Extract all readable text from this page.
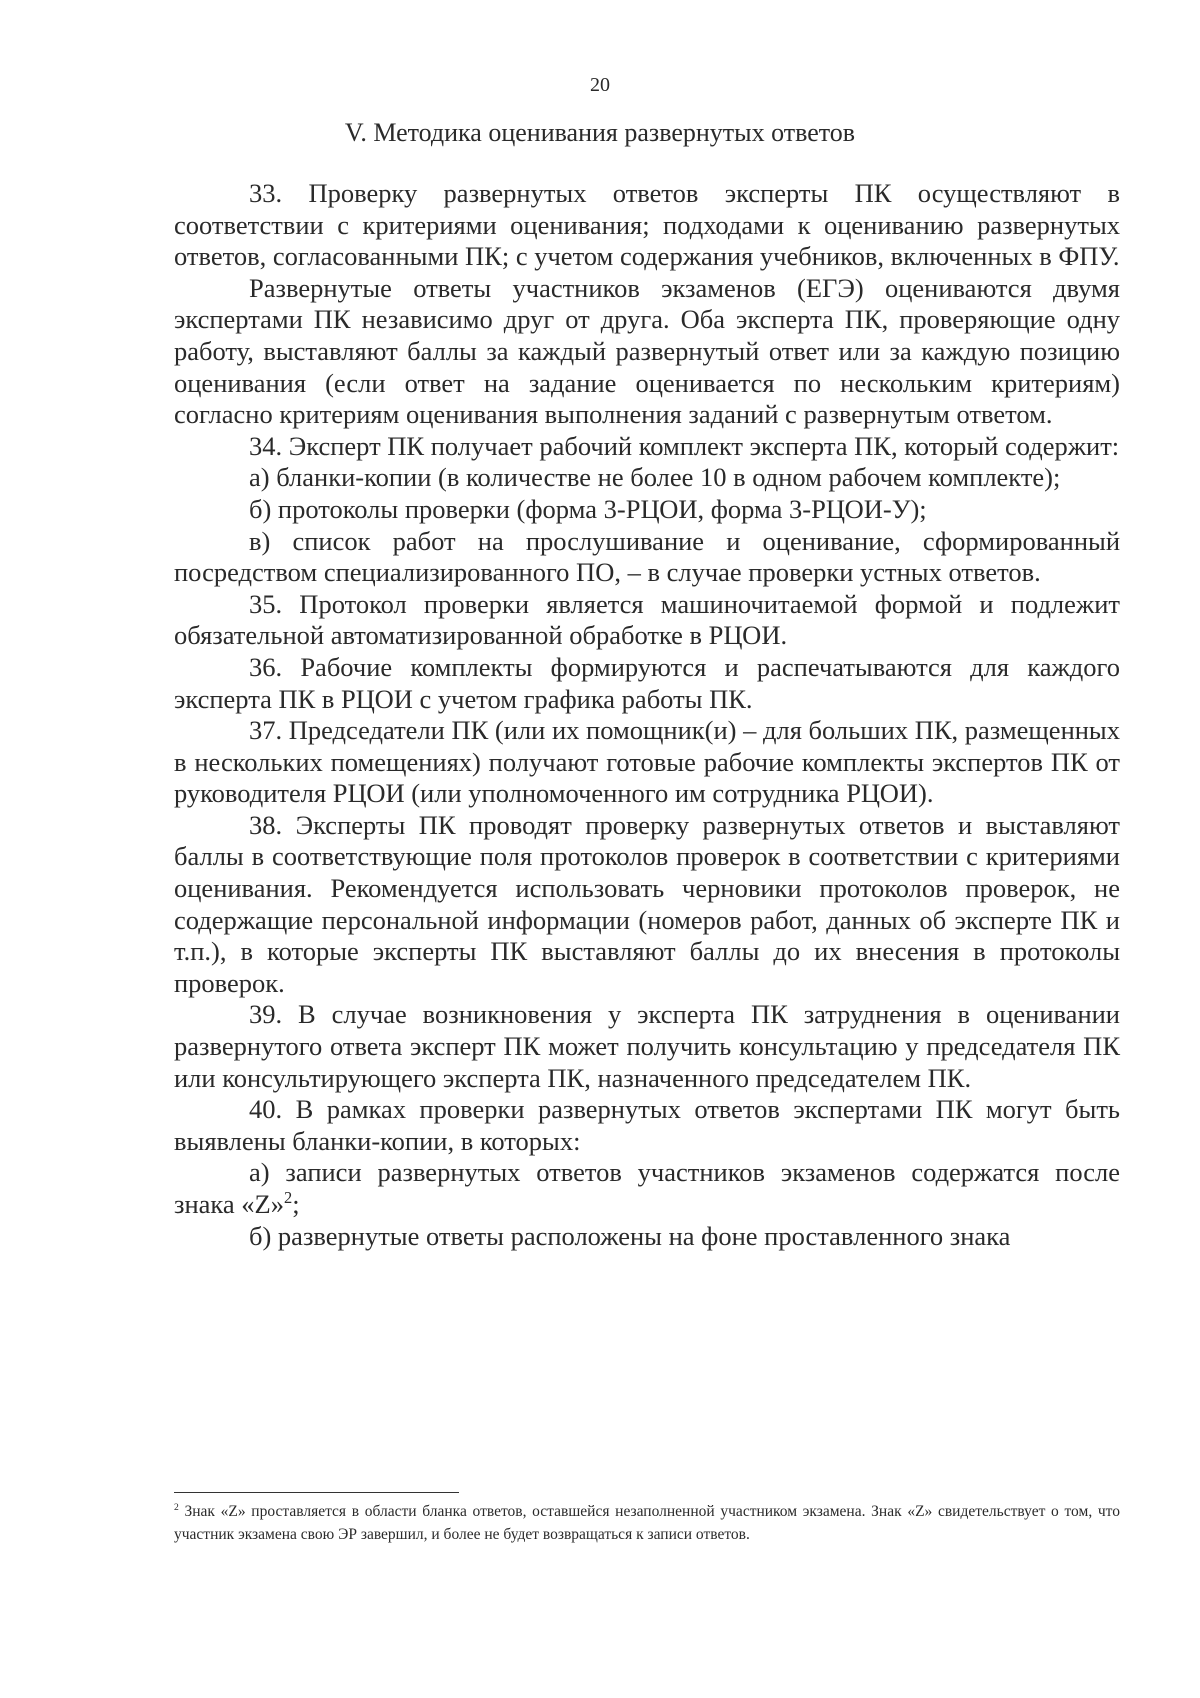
20
V. Методика оценивания развернутых ответов

33. Проверку развернутых ответов эксперты ПК осуществляют в соответствии с критериями оценивания; подходами к оцениванию развернутых ответов, согласованными ПК; с учетом содержания учебников, включенных в ФПУ.

Развернутые ответы участников экзаменов (ЕГЭ) оцениваются двумя экспертами ПК независимо друг от друга. Оба эксперта ПК, проверяющие одну работу, выставляют баллы за каждый развернутый ответ или за каждую позицию оценивания (если ответ на задание оценивается по нескольким критериям) согласно критериям оценивания выполнения заданий с развернутым ответом.

34. Эксперт ПК получает рабочий комплект эксперта ПК, который содержит:

а) бланки-копии (в количестве не более 10 в одном рабочем комплекте);

б) протоколы проверки (форма 3-РЦОИ, форма 3-РЦОИ-У);

в) список работ на прослушивание и оценивание, сформированный посредством специализированного ПО, – в случае проверки устных ответов.

35. Протокол проверки является машиночитаемой формой и подлежит обязательной автоматизированной обработке в РЦОИ.

36. Рабочие комплекты формируются и распечатываются для каждого эксперта ПК в РЦОИ с учетом графика работы ПК.

37. Председатели ПК (или их помощник(и) – для больших ПК, размещенных в нескольких помещениях) получают готовые рабочие комплекты экспертов ПК от руководителя РЦОИ (или уполномоченного им сотрудника РЦОИ).

38. Эксперты ПК проводят проверку развернутых ответов и выставляют баллы в соответствующие поля протоколов проверок в соответствии с критериями оценивания. Рекомендуется использовать черновики протоколов проверок, не содержащие персональной информации (номеров работ, данных об эксперте ПК и т.п.), в которые эксперты ПК выставляют баллы до их внесения в протоколы проверок.

39. В случае возникновения у эксперта ПК затруднения в оценивании развернутого ответа эксперт ПК может получить консультацию у председателя ПК или консультирующего эксперта ПК, назначенного председателем ПК.

40. В рамках проверки развернутых ответов экспертами ПК могут быть выявлены бланки-копии, в которых:

а) записи развернутых ответов участников экзаменов содержатся после знака «Z»$^2$;

б) развернутые ответы расположены на фоне проставленного знака

$^2$ Знак «Z» проставляется в области бланка ответов, оставшейся незаполненной участником экзамена. Знак «Z» свидетельствует о том, что участник экзамена свою ЭР завершил, и более не будет возвращаться к записи ответов.
